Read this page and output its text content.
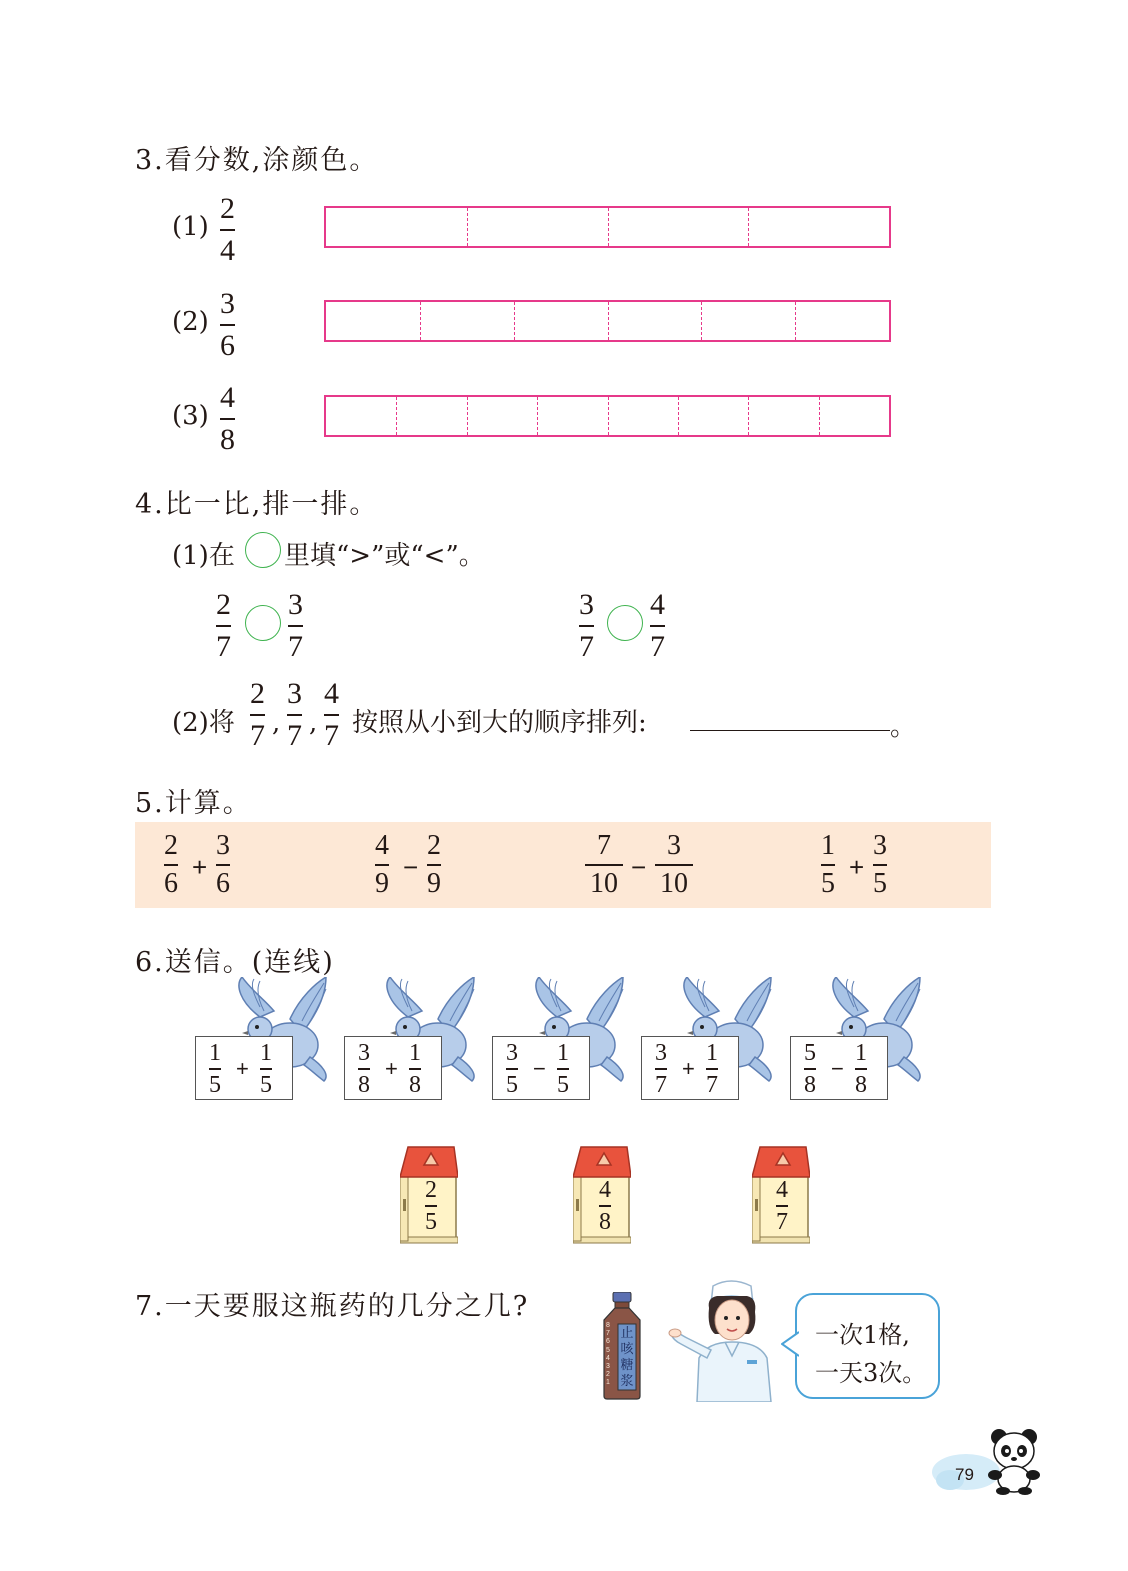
3.看分数,涂颜色。
(1)
2
4
(2)
3
6
(3)
4
8
4.比一比,排一排。
(1)在 里填“>”或“<”。
2
7
3
7
3
7
4
7
(2)将
2
7 ,
3
7 ,
4
7 按照从小到大的顺序排列:	。
5.计算。
2
6
+
3
6
4
9
−
2
9
7
10
−
3
10
1
5
+
3
5
6.送信。(连线)
1
5
+
1
5
3
8
+
1
8
3
5
−
1
5
3
7
+
1
7
5
8
−
1
8
2
5
4
8
4
7
7.一天要服这瓶药的几分之几?
8
7
6
5
4
3
2
1
止
咳
糖
浆
一次1格,
一天3次。
79
